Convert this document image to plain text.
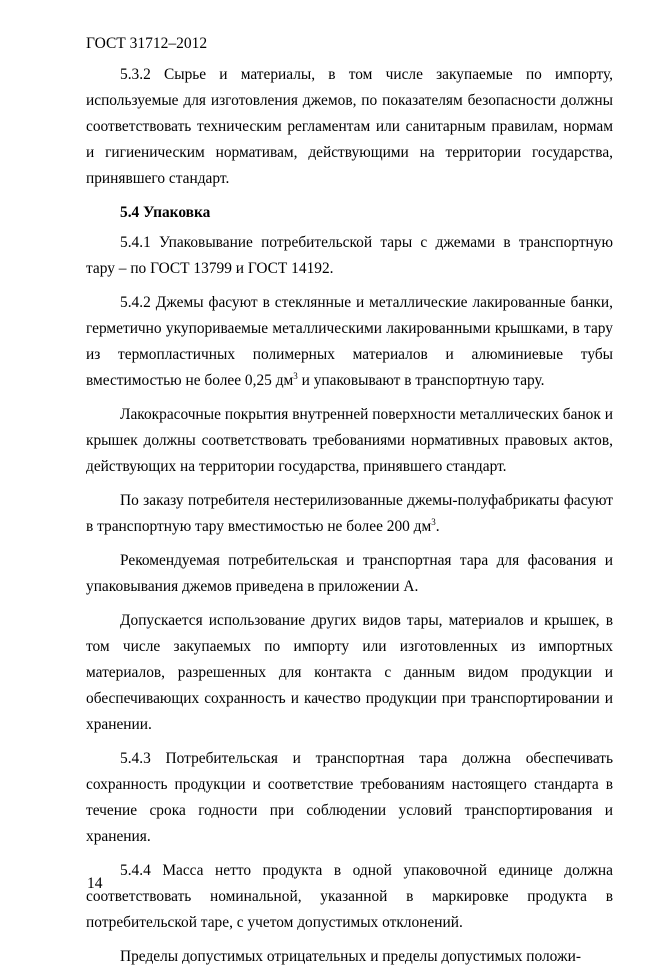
ГОСТ 31712–2012

5.3.2 Сырье и материалы, в том числе закупаемые по импорту, используемые для изготовления джемов, по показателям безопасности должны соответствовать техническим регламентам или санитарным правилам, нормам и гигиеническим нормативам, действующими на территории государства, принявшего стандарт.

5.4 Упаковка

5.4.1 Упаковывание потребительской тары с джемами в транспортную тару – по ГОСТ 13799 и ГОСТ 14192.

5.4.2 Джемы фасуют в стеклянные и металлические лакированные банки, герметично укупориваемые металлическими лакированными крышками, в тару из термопластичных полимерных материалов и алюминиевые тубы вместимостью не более 0,25 $дм^3$ и упаковывают в транспортную тару.

Лакокрасочные покрытия внутренней поверхности металлических банок и крышек должны соответствовать требованиями нормативных правовых актов, действующих на территории государства, принявшего стандарт.

По заказу потребителя нестерилизованные джемы-полуфабрикаты фасуют в транспортную тару вместимостью не более 200 $дм^3$.

Рекомендуемая потребительская и транспортная тара для фасования и упаковывания джемов приведена в приложении А.

Допускается использование других видов тары, материалов и крышек, в том числе закупаемых по импорту или изготовленных из импортных материалов, разрешенных для контакта с данным видом продукции и обеспечивающих сохранность и качество продукции при транспортировании и хранении.

5.4.3 Потребительская и транспортная тара должна обеспечивать сохранность продукции и соответствие требованиям настоящего стандарта в течение срока годности при соблюдении условий транспортирования и хранения.

5.4.4 Масса нетто продукта в одной упаковочной единице должна соответствовать номинальной, указанной в маркировке продукта в потребительской таре, с учетом допустимых отклонений.

Пределы допустимых отрицательных и пределы допустимых положи-

14
